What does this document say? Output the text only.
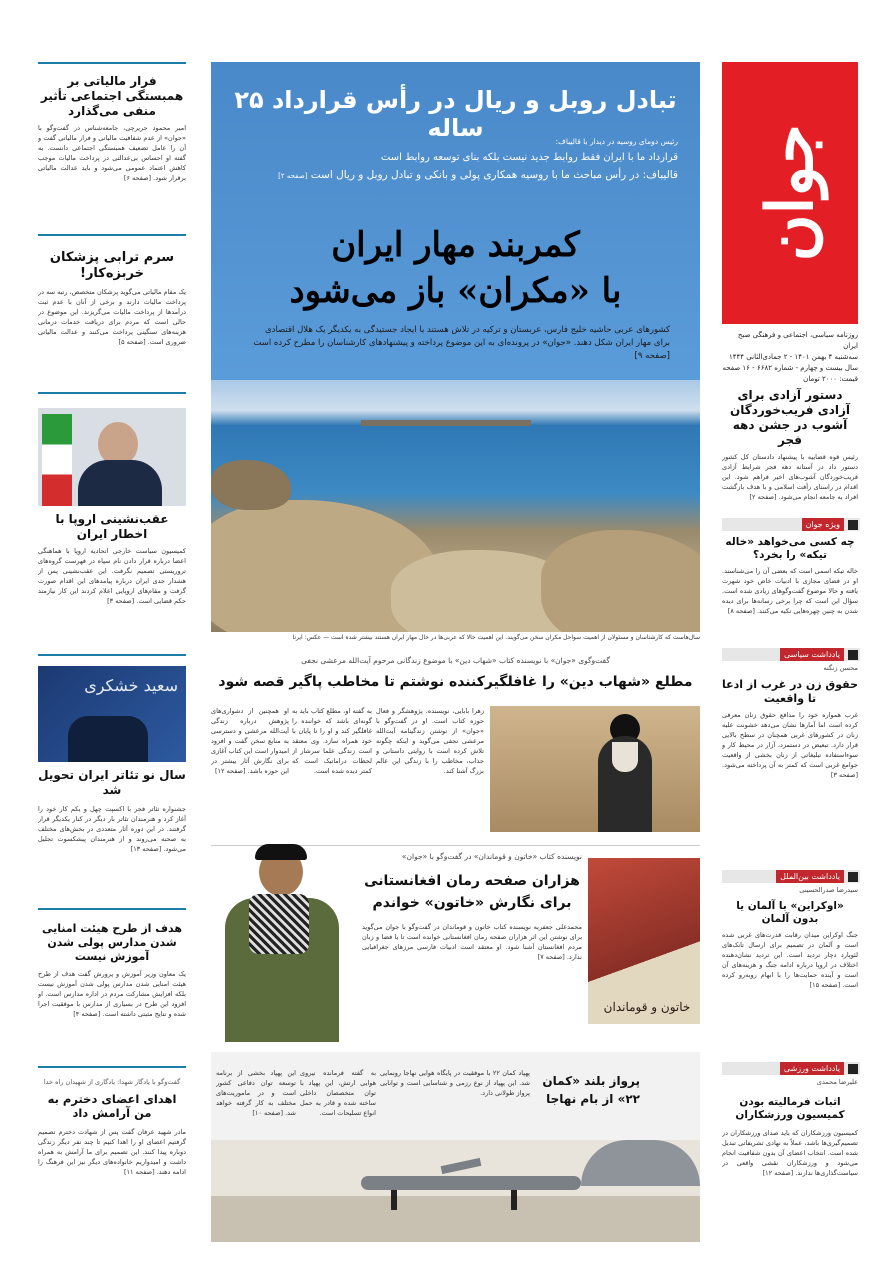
جوان
روزنامه سیاسی، اجتماعی و فرهنگی صبح ایران
سه‌شنبه ۴ بهمن ۱۴۰۱ - ۲ جمادی‌الثانی ۱۴۴۴
سال بیست و چهارم - شماره ۶۶۸۲ - ۱۶ صفحه
قیمت: ۲۰۰۰ تومان
تبادل روبل و ریال در رأس قرارداد ۲۵ ساله	رئیس دومای روسیه در دیدار با قالیباف:
قرارداد ما با ایران فقط روابط جدید نیست بلکه بنای توسعه روابط است
قالیباف: در رأس مباحث ما با روسیه همکاری پولی و بانکی و تبادل روبل و ریال است [صفحه ۲]
کمربند مهار ایران
با «مکران» باز می‌شود
کشورهای عربی حاشیه خلیج فارس، عربستان و ترکیه در تلاش هستند با ایجاد جستیدگی به یکدیگر یک هلال اقتصادی برای مهار ایران شکل دهند. «جوان» در پرونده‌ای به این موضوع پرداخته و پیشنهادهای کارشناسان را مطرح کرده است [صفحه ۹]
سال‌هاست که کارشناسان و مسئولان از اهمیت سواحل مکران سخن می‌گویند. این اهمیت حالا که عربی‌ها در حال مهار ایران هستند بیشتر شده است — عکس: ایرنا
دستور آزادی برای آزادی فریب‌خوردگان آشوب در جشن دهه فجر
رئیس قوه قضاییه با پیشنهاد دادستان کل کشور دستور داد در آستانه دهه فجر شرایط آزادی فریب‌خوردگان آشوب‌های اخیر فراهم شود. این اقدام در راستای رأفت اسلامی و با هدف بازگشت افراد به جامعه انجام می‌شود. [صفحه ۲]
ویژه جوان
چه کسی می‌خواهد «خاله تیکه» را بخرد؟
خاله تیکه اسمی است که بعضی آن را می‌شناسند. او در فضای مجازی با ادبیات خاص خود شهرت یافته و حالا موضوع گفت‌وگوهای زیادی شده است. سؤال این است که چرا برخی رسانه‌ها برای دیده شدن به چنین چهره‌هایی تکیه می‌کنند. [صفحه ۸]
یادداشت سیاسی
محسن زنگنه
حقوق زن در غرب از ادعا تا واقعیت
غرب همواره خود را مدافع حقوق زنان معرفی کرده است اما آمارها نشان می‌دهد خشونت علیه زنان در کشورهای غربی همچنان در سطح بالایی قرار دارد. تبعیض در دستمزد، آزار در محیط کار و سوءاستفاده تبلیغاتی از زنان بخشی از واقعیت جوامع غربی است که کمتر به آن پرداخته می‌شود. [صفحه ۳]
یادداشت بین‌الملل
سیدرضا صدرالحسینی
«اوکراین» با آلمان یا بدون آلمان
جنگ اوکراین میدان رقابت قدرت‌های غربی شده است و آلمان در تصمیم برای ارسال تانک‌های لئوپارد دچار تردید است. این تردید نشان‌دهنده اختلاف در اروپا درباره ادامه جنگ و هزینه‌های آن است و آینده حمایت‌ها را با ابهام روبه‌رو کرده است. [صفحه ۱۵]
یادداشت ورزشی
علیرضا محمدی
اثبات فرمالیته بودن کمیسیون ورزشکاران
کمیسیون ورزشکاران که باید صدای ورزشکاران در تصمیم‌گیری‌ها باشد، عملاً به نهادی تشریفاتی تبدیل شده است. انتخاب اعضای آن بدون شفافیت انجام می‌شود و ورزشکاران نقشی واقعی در سیاست‌گذاری‌ها ندارند. [صفحه ۱۲]
فرار مالیاتی بر همبستگی اجتماعی تأثیر منفی می‌گذارد
امیر محمود حریرچی، جامعه‌شناس در گفت‌وگو با «جوان» از عدم شفافیت مالیاتی و فرار مالیاتی گفت و آن را عامل تضعیف همبستگی اجتماعی دانست. به گفته او احساس بی‌عدالتی در پرداخت مالیات موجب کاهش اعتماد عمومی می‌شود و باید عدالت مالیاتی برقرار شود. [صفحه ۶]
سرم ترابی پزشکان خربزه‌کار!
یک مقام مالیاتی می‌گوید پزشکان متخصص، رتبه سه در پرداخت مالیات دارند و برخی از آنان با عدم ثبت درآمدها از پرداخت مالیات می‌گریزند. این موضوع در حالی است که مردم برای دریافت خدمات درمانی هزینه‌های سنگینی پرداخت می‌کنند و عدالت مالیاتی ضروری است. [صفحه ۵]
عقب‌نشینی اروپا با اخطار ایران
کمیسیون سیاست خارجی اتحادیه اروپا با هماهنگی اعضا درباره قرار دادن نام سپاه در فهرست گروه‌های تروریستی تصمیم نگرفت. این عقب‌نشینی پس از هشدار جدی ایران درباره پیامدهای این اقدام صورت گرفت و مقام‌های اروپایی اعلام کردند این کار نیازمند حکم قضایی است. [صفحه ۳]
سعید خشکری
سال نو تئاتر ایران تحویل شد
جشنواره تئاتر فجر با اکسپت چهل و یکم کار خود را آغاز کرد و هنرمندان تئاتر بار دیگر در کنار یکدیگر قرار گرفتند. در این دوره آثار متعددی در بخش‌های مختلف به صحنه می‌روند و از هنرمندان پیشکسوت تجلیل می‌شود. [صفحه ۱۳]
هدف از طرح هیئت امنایی شدن مدارس پولی شدن آموزش نیست
یک معاون وزیر آموزش و پرورش گفت هدف از طرح هیئت امنایی شدن مدارس پولی شدن آموزش نیست بلکه افزایش مشارکت مردم در اداره مدارس است. او افزود این طرح در بسیاری از مدارس با موفقیت اجرا شده و نتایج مثبتی داشته است. [صفحه ۴]
گفت‌وگو با یادگار شهدا: یادگاری از شهیدان راه خدا
اهدای اعضای دخترم به من آرامش داد
مادر شهید عرفان گفت پس از شهادت دخترم تصمیم گرفتیم اعضای او را اهدا کنیم تا چند نفر دیگر زندگی دوباره پیدا کنند. این تصمیم برای ما آرامش به همراه داشت و امیدواریم خانواده‌های دیگر نیز این فرهنگ را ادامه دهند. [صفحه ۱۱]
گفت‌وگوی «جوان» با نویسنده کتاب «شهاب دین» با موضوع زندگانی مرحوم آیت‌الله مرعشی نجفی
مطلع «شهاب دین» را غافلگیرکننده نوشتم تا مخاطب پاگیر قصه شود
زهرا بابایی، نویسنده، پژوهشگر و فعال حوزه کتاب است. او در گفت‌وگو با «جوان» از نوشتن زندگینامه آیت‌الله مرعشی نجفی می‌گوید و اینکه چگونه تلاش کرده است با روایتی داستانی و جذاب، مخاطب را با زندگی این عالم بزرگ آشنا کند.
به گفته او، مطلع کتاب باید به گونه‌ای باشد که خواننده را غافلگیر کند و او را تا پایان با خود همراه سازد. وی معتقد است زندگی علما سرشار از لحظات دراماتیک است که کمتر دیده شده است.
او همچنین از دشواری‌های پژوهش درباره زندگی آیت‌الله مرعشی و دسترسی به منابع سخن گفت و افزود امیدوار است این کتاب آغازی برای نگارش آثار بیشتر در این حوزه باشد. [صفحه ۱۲]
نویسنده کتاب «خاتون و قوماندان» در گفت‌وگو با «جوان»
هزاران صفحه رمان افغانستانی برای نگارش «خاتون» خواندم
محمدعلی جعفریه نویسنده کتاب خاتون و قوماندان در گفت‌وگو با جوان می‌گوید برای نوشتن این اثر هزاران صفحه رمان افغانستانی خوانده است تا با فضا و زبان مردم افغانستان آشنا شود. او معتقد است ادبیات فارسی مرزهای جغرافیایی ندارد. [صفحه ۷]
خاتون و قوماندان
پرواز بلند «کمان ۲۲» از بام نهاجا
پهپاد کمان ۲۲ با موفقیت در پایگاه هوایی نهاجا رونمایی شد. این پهپاد از نوع رزمی و شناسایی است و توانایی پرواز طولانی دارد.
به گفته فرمانده نیروی هوایی ارتش، این پهپاد با توان متخصصان داخلی ساخته شده و قادر به حمل انواع تسلیحات است.
این پهپاد بخشی از برنامه توسعه توان دفاعی کشور است و در ماموریت‌های مختلف به کار گرفته خواهد شد. [صفحه ۱۰]
